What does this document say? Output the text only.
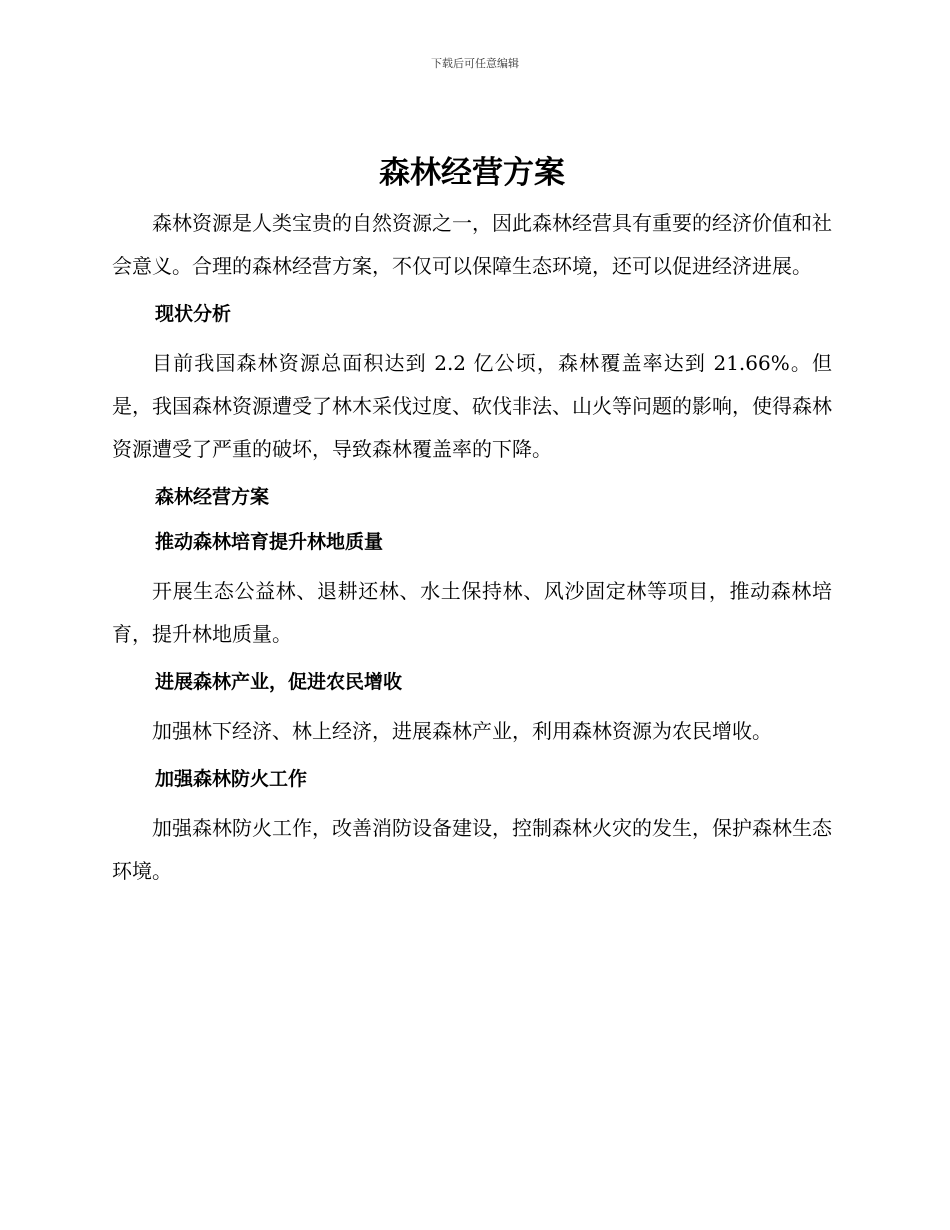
下载后可任意编辑
森林经营方案

森林资源是人类宝贵的自然资源之一，因此森林经营具有重要的经济价值和社会意义。合理的森林经营方案，不仅可以保障生态环境，还可以促进经济进展。

现状分析

目前我国森林资源总面积达到 2.2 亿公顷，森林覆盖率达到 21.66%。但是，我国森林资源遭受了林木采伐过度、砍伐非法、山火等问题的影响，使得森林资源遭受了严重的破坏，导致森林覆盖率的下降。

森林经营方案
推动森林培育提升林地质量

开展生态公益林、退耕还林、水土保持林、风沙固定林等项目，推动森林培育，提升林地质量。

进展森林产业，促进农民增收

加强林下经济、林上经济，进展森林产业，利用森林资源为农民增收。

加强森林防火工作

加强森林防火工作，改善消防设备建设，控制森林火灾的发生，保护森林生态环境。
